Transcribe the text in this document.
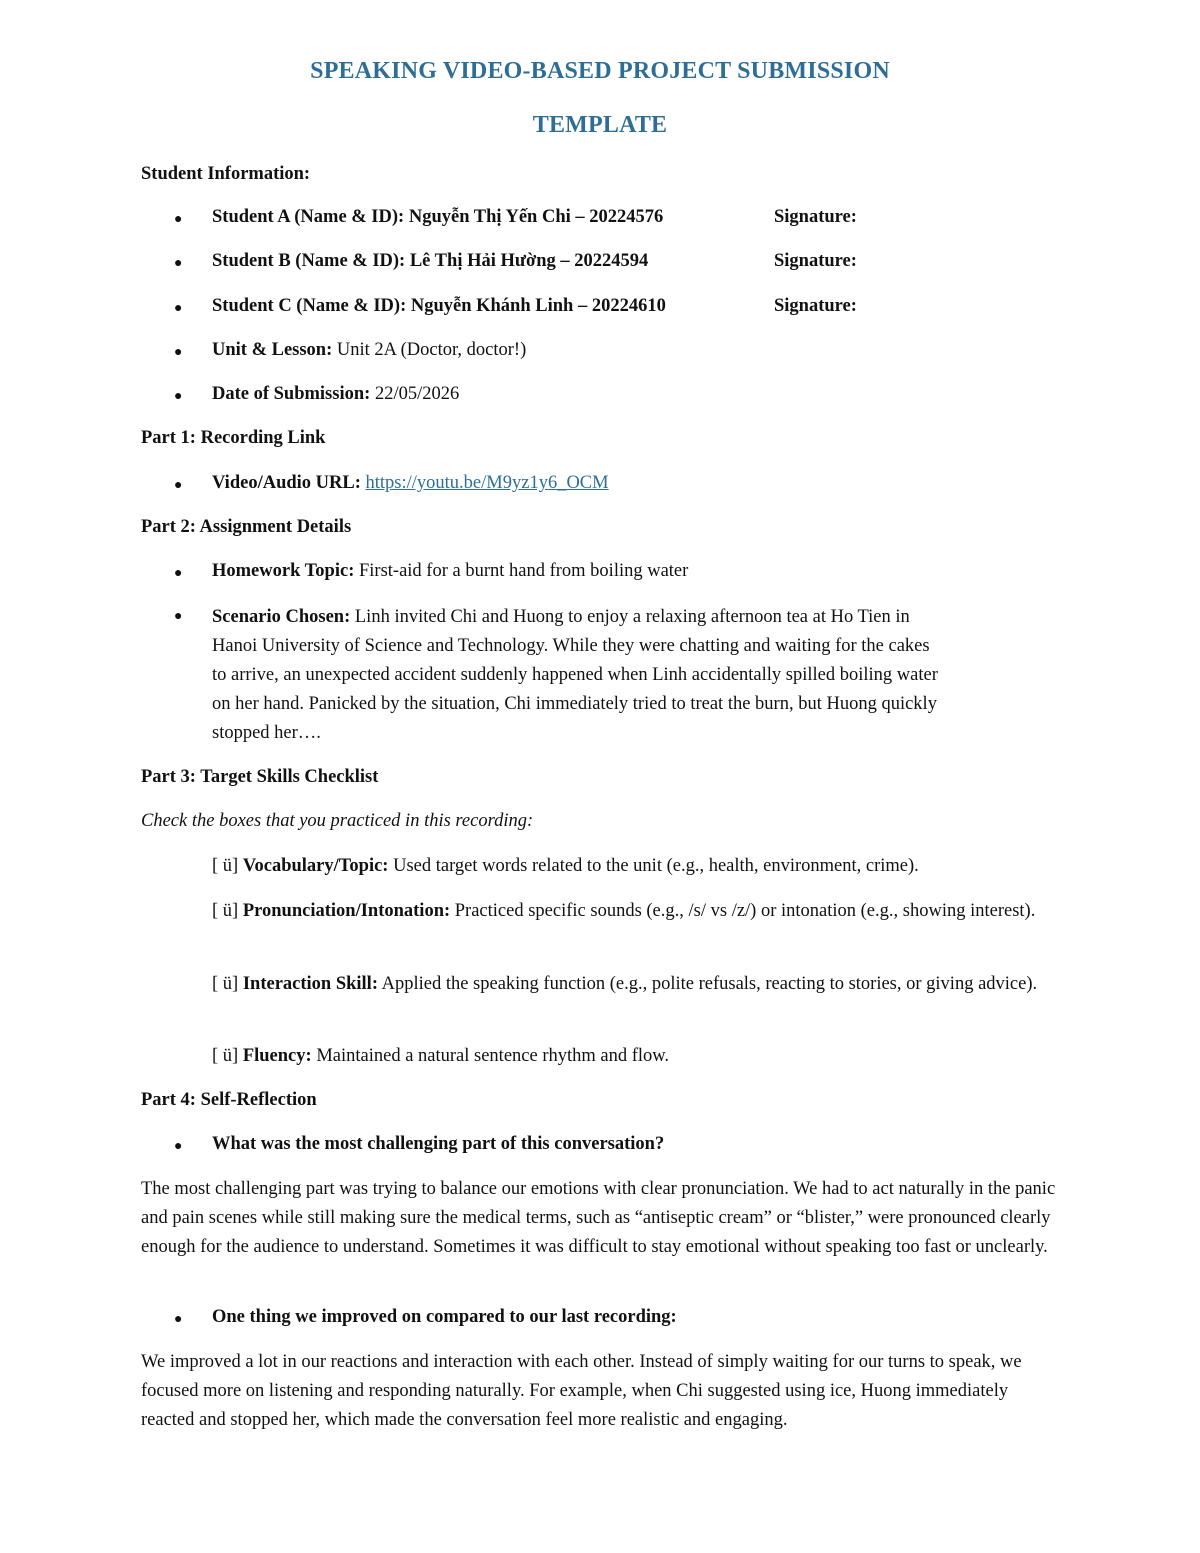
SPEAKING VIDEO-BASED PROJECT SUBMISSION
TEMPLATE
Student Information:
● Student A (Name & ID): Nguyễn Thị Yến Chi – 20224576	Signature:
● Student B (Name & ID): Lê Thị Hải Hường – 20224594	Signature:
● Student C (Name & ID): Nguyễn Khánh Linh – 20224610	Signature:
● Unit & Lesson: Unit 2A (Doctor, doctor!)
● Date of Submission: 22/05/2026
Part 1: Recording Link
● Video/Audio URL: https://youtu.be/M9yz1y6_OCM
Part 2: Assignment Details
● Homework Topic: First-aid for a burnt hand from boiling water
● Scenario Chosen: Linh invited Chi and Huong to enjoy a relaxing afternoon tea at Ho Tien in
Hanoi University of Science and Technology. While they were chatting and waiting for the cakes
to arrive, an unexpected accident suddenly happened when Linh accidentally spilled boiling water
on her hand. Panicked by the situation, Chi immediately tried to treat the burn, but Huong quickly
stopped her….
Part 3: Target Skills Checklist
Check the boxes that you practiced in this recording:
[ ü] Vocabulary/Topic: Used target words related to the unit (e.g., health, environment, crime).
[ ü] Pronunciation/Intonation: Practiced specific sounds (e.g., /s/ vs /z/) or intonation (e.g., showing interest).
[ ü] Interaction Skill: Applied the speaking function (e.g., polite refusals, reacting to stories, or giving advice).
[ ü] Fluency: Maintained a natural sentence rhythm and flow.
Part 4: Self-Reflection
● What was the most challenging part of this conversation?
The most challenging part was trying to balance our emotions with clear pronunciation. We had to act naturally in the panic and pain scenes while still making sure the medical terms, such as “antiseptic cream” or “blister,” were pronounced clearly enough for the audience to understand. Sometimes it was difficult to stay emotional without speaking too fast or unclearly.
● One thing we improved on compared to our last recording:
We improved a lot in our reactions and interaction with each other. Instead of simply waiting for our turns to speak, we focused more on listening and responding naturally. For example, when Chi suggested using ice, Huong immediately reacted and stopped her, which made the conversation feel more realistic and engaging.
